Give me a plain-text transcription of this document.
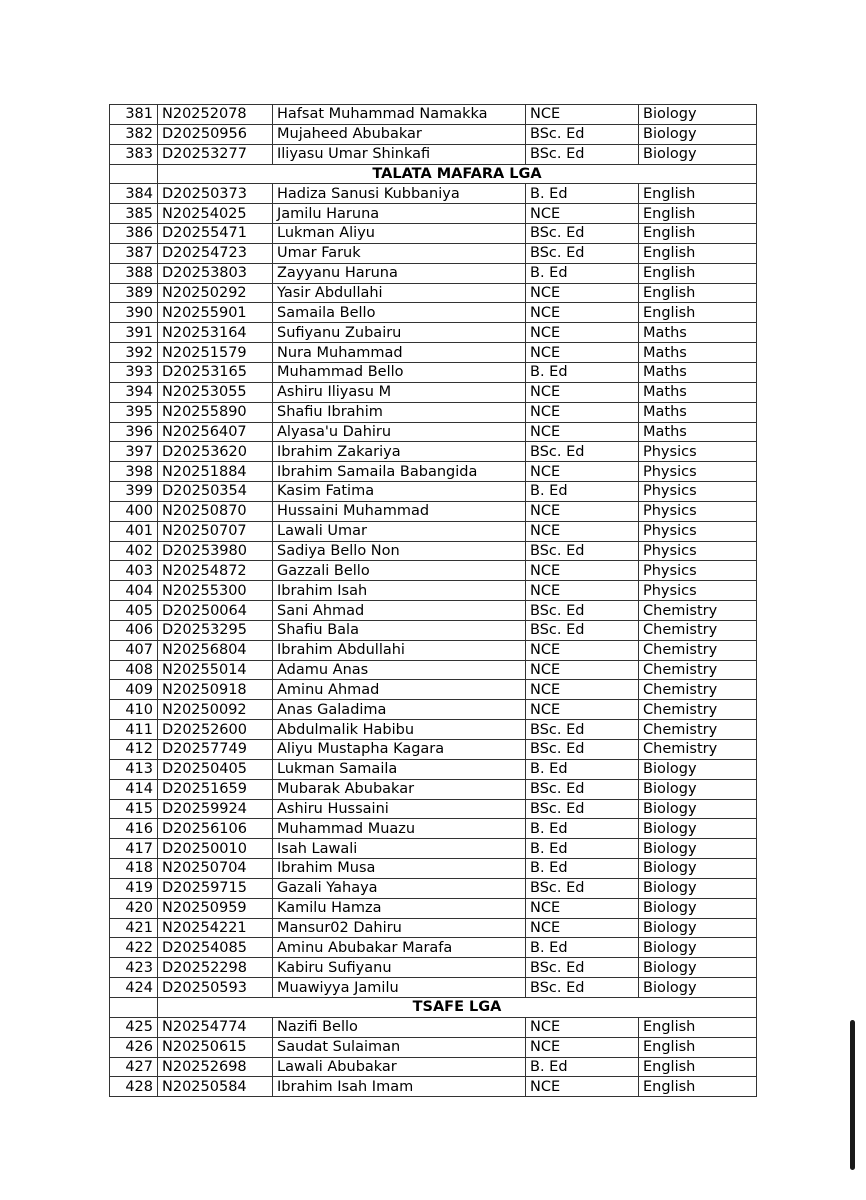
381	N20252078	Hafsat Muhammad Namakka	NCE	Biology
382	D20250956	Mujaheed Abubakar	BSc. Ed	Biology
383	D20253277	Iliyasu Umar Shinkafi	BSc. Ed	Biology
	TALATA MAFARA LGA			
384	D20250373	Hadiza Sanusi Kubbaniya	B. Ed	English
385	N20254025	Jamilu Haruna	NCE	English
386	D20255471	Lukman Aliyu	BSc. Ed	English
387	D20254723	Umar Faruk	BSc. Ed	English
388	D20253803	Zayyanu Haruna	B. Ed	English
389	N20250292	Yasir Abdullahi	NCE	English
390	N20255901	Samaila Bello	NCE	English
391	N20253164	Sufiyanu Zubairu	NCE	Maths
392	N20251579	Nura Muhammad	NCE	Maths
393	D20253165	Muhammad Bello	B. Ed	Maths
394	N20253055	Ashiru Iliyasu M	NCE	Maths
395	N20255890	Shafiu Ibrahim	NCE	Maths
396	N20256407	Alyasa'u Dahiru	NCE	Maths
397	D20253620	Ibrahim Zakariya	BSc. Ed	Physics
398	N20251884	Ibrahim Samaila Babangida	NCE	Physics
399	D20250354	Kasim Fatima	B. Ed	Physics
400	N20250870	Hussaini Muhammad	NCE	Physics
401	N20250707	Lawali Umar	NCE	Physics
402	D20253980	Sadiya Bello Non	BSc. Ed	Physics
403	N20254872	Gazzali Bello	NCE	Physics
404	N20255300	Ibrahim Isah	NCE	Physics
405	D20250064	Sani Ahmad	BSc. Ed	Chemistry
406	D20253295	Shafiu Bala	BSc. Ed	Chemistry
407	N20256804	Ibrahim Abdullahi	NCE	Chemistry
408	N20255014	Adamu Anas	NCE	Chemistry
409	N20250918	Aminu Ahmad	NCE	Chemistry
410	N20250092	Anas Galadima	NCE	Chemistry
411	D20252600	Abdulmalik Habibu	BSc. Ed	Chemistry
412	D20257749	Aliyu Mustapha Kagara	BSc. Ed	Chemistry
413	D20250405	Lukman Samaila	B. Ed	Biology
414	D20251659	Mubarak Abubakar	BSc. Ed	Biology
415	D20259924	Ashiru Hussaini	BSc. Ed	Biology
416	D20256106	Muhammad Muazu	B. Ed	Biology
417	D20250010	Isah Lawali	B. Ed	Biology
418	N20250704	Ibrahim Musa	B. Ed	Biology
419	D20259715	Gazali Yahaya	BSc. Ed	Biology
420	N20250959	Kamilu Hamza	NCE	Biology
421	N20254221	Mansur02 Dahiru	NCE	Biology
422	D20254085	Aminu Abubakar Marafa	B. Ed	Biology
423	D20252298	Kabiru Sufiyanu	BSc. Ed	Biology
424	D20250593	Muawiyya Jamilu	BSc. Ed	Biology
	TSAFE LGA			
425	N20254774	Nazifi Bello	NCE	English
426	N20250615	Saudat Sulaiman	NCE	English
427	N20252698	Lawali Abubakar	B. Ed	English
428	N20250584	Ibrahim Isah Imam	NCE	English
